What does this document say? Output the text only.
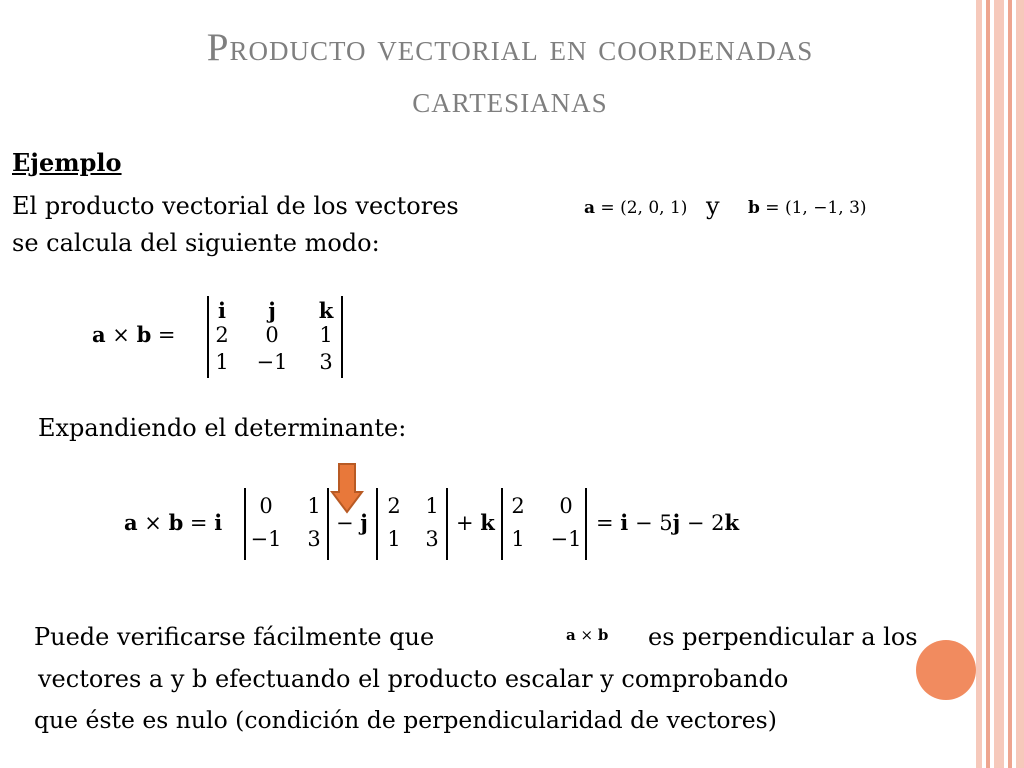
Producto vectorial en coordenadas
cartesianas
Ejemplo
El producto vectorial de los vectores	a = (2, 0, 1) y b = (1, −1, 3)
se calcula del siguiente modo:
a × b =
i	j	k
2	0	1
1	−1	3
Expandiendo el determinante:
a × b = i
0	1
−1	3
− j
2	1
1	3
+ k
2	0
1	−1
= i − 5j − 2k
Puede verificarse fácilmente que	a × b es perpendicular a los
vectores a y b efectuando el producto escalar y comprobando
que éste es nulo (condición de perpendicularidad de vectores)
